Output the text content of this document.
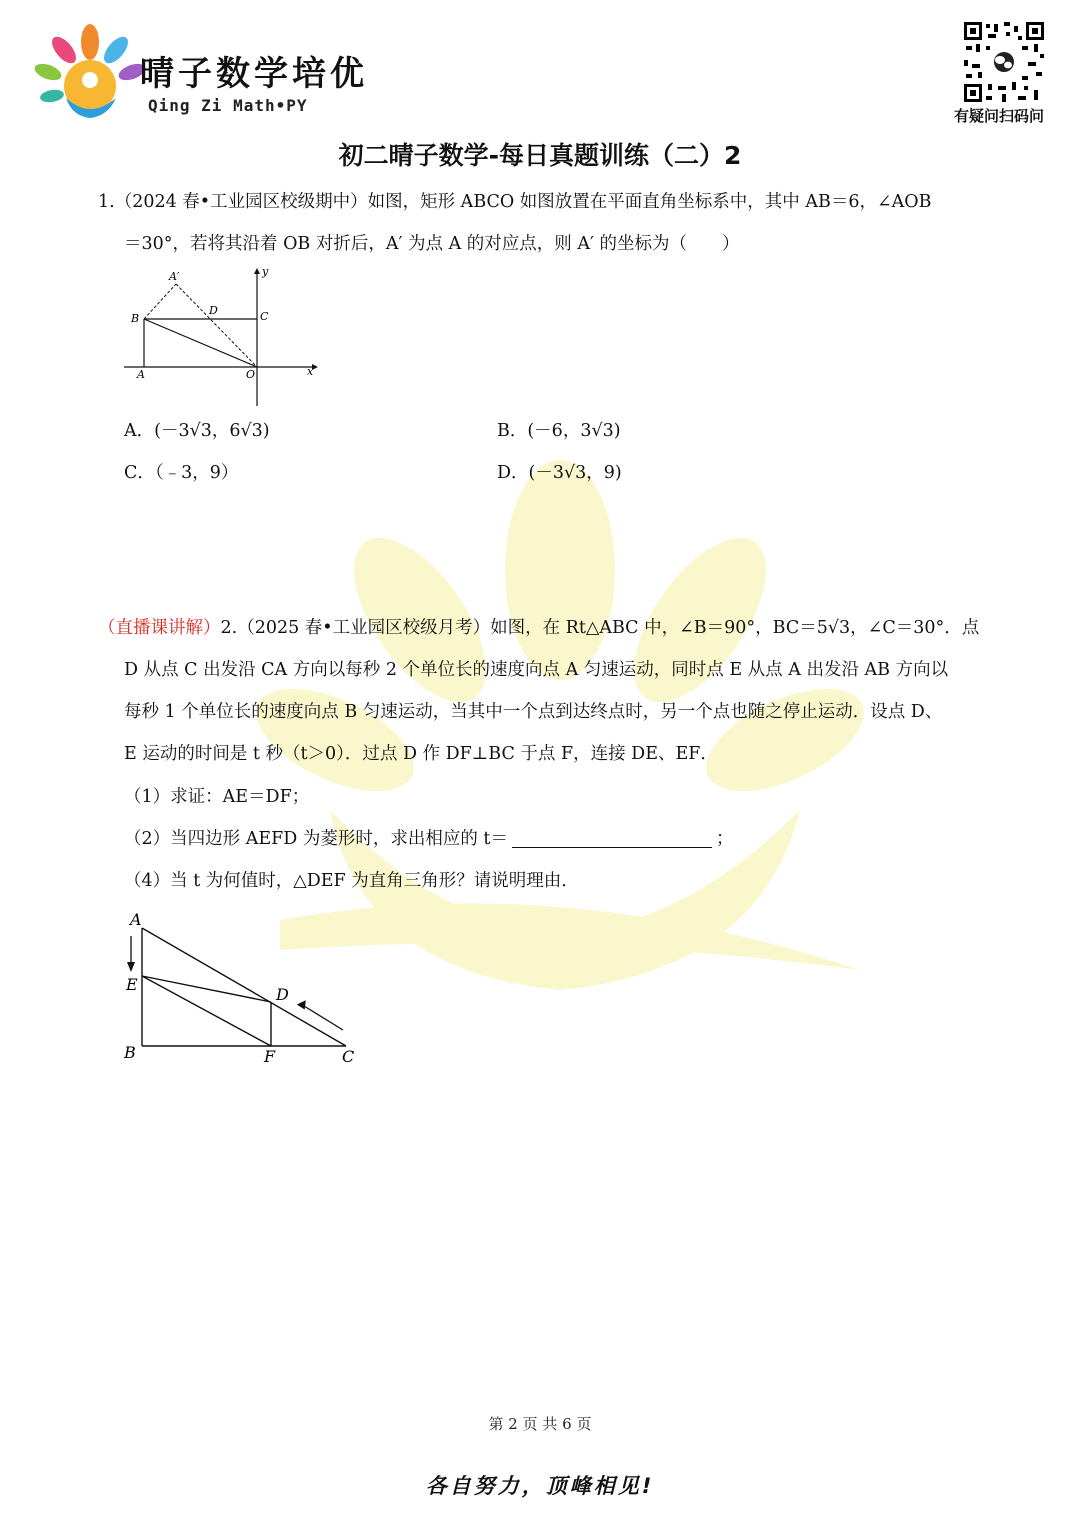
晴子数学培优
Qing Zi Math•PY
有疑问扫码问
初二晴子数学-每日真题训练（二）2
1.（2024 春•工业园区校级期中）如图，矩形 ABCO 如图放置在平面直角坐标系中，其中 AB＝6，∠AOB
＝30°，若将其沿着 OB 对折后，A′ 为点 A 的对应点，则 A′ 的坐标为（　　）
A′	y
B
D	C
A	O	x
A．(－3√3，6√3)	B．(－6，3√3)
C．（﹣3，9）	D．(－3√3，9)
（直播课讲解）2.（2025 春•工业园区校级月考）如图，在 Rt△ABC 中，∠B＝90°，BC＝5√3，∠C＝30°．点
D 从点 C 出发沿 CA 方向以每秒 2 个单位长的速度向点 A 匀速运动，同时点 E 从点 A 出发沿 AB 方向以
每秒 1 个单位长的速度向点 B 匀速运动，当其中一个点到达终点时，另一个点也随之停止运动．设点 D、
E 运动的时间是 t 秒（t＞0）．过点 D 作 DF⊥BC 于点 F，连接 DE、EF．
（1）求证：AE＝DF；
（2）当四边形 AEFD 为菱形时，求出相应的 t＝	；
（4）当 t 为何值时，△DEF 为直角三角形？请说明理由．
A
E
D
B	F	C
第 2 页 共 6 页
各自努力，顶峰相见!
